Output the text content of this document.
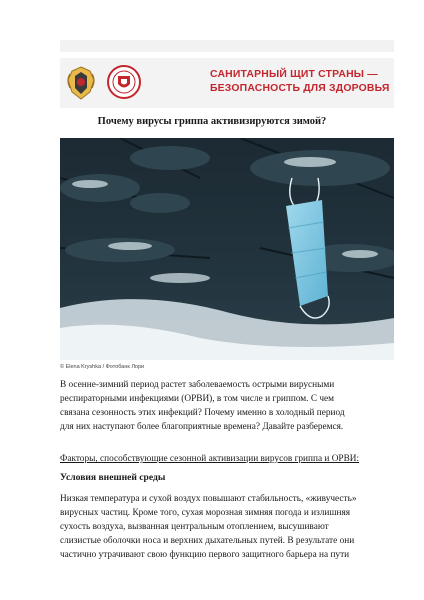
САНИТАРНЫЙ ЩИТ СТРАНЫ —
БЕЗОПАСНОСТЬ ДЛЯ ЗДОРОВЬЯ
Почему вирусы гриппа активизируются зимой?
© Elena Kryshka / Фотобанк Лори
В осенне-зимний период растет заболеваемость острыми вирусными
респираторными инфекциями (ОРВИ), в том числе и гриппом. С чем
связана сезонность этих инфекций? Почему именно в холодный период
для них наступают более благоприятные времена? Давайте разберемся.
Факторы, способствующие сезонной активизации вирусов гриппа и ОРВИ:
Условия внешней среды
Низкая температура и сухой воздух повышают стабильность, «живучесть»
вирусных частиц. Кроме того, сухая морозная зимняя погода и излишняя
сухость воздуха, вызванная центральным отоплением, высушивают
слизистые оболочки носа и верхних дыхательных путей. В результате они
частично утрачивают свою функцию первого защитного барьера на пути
